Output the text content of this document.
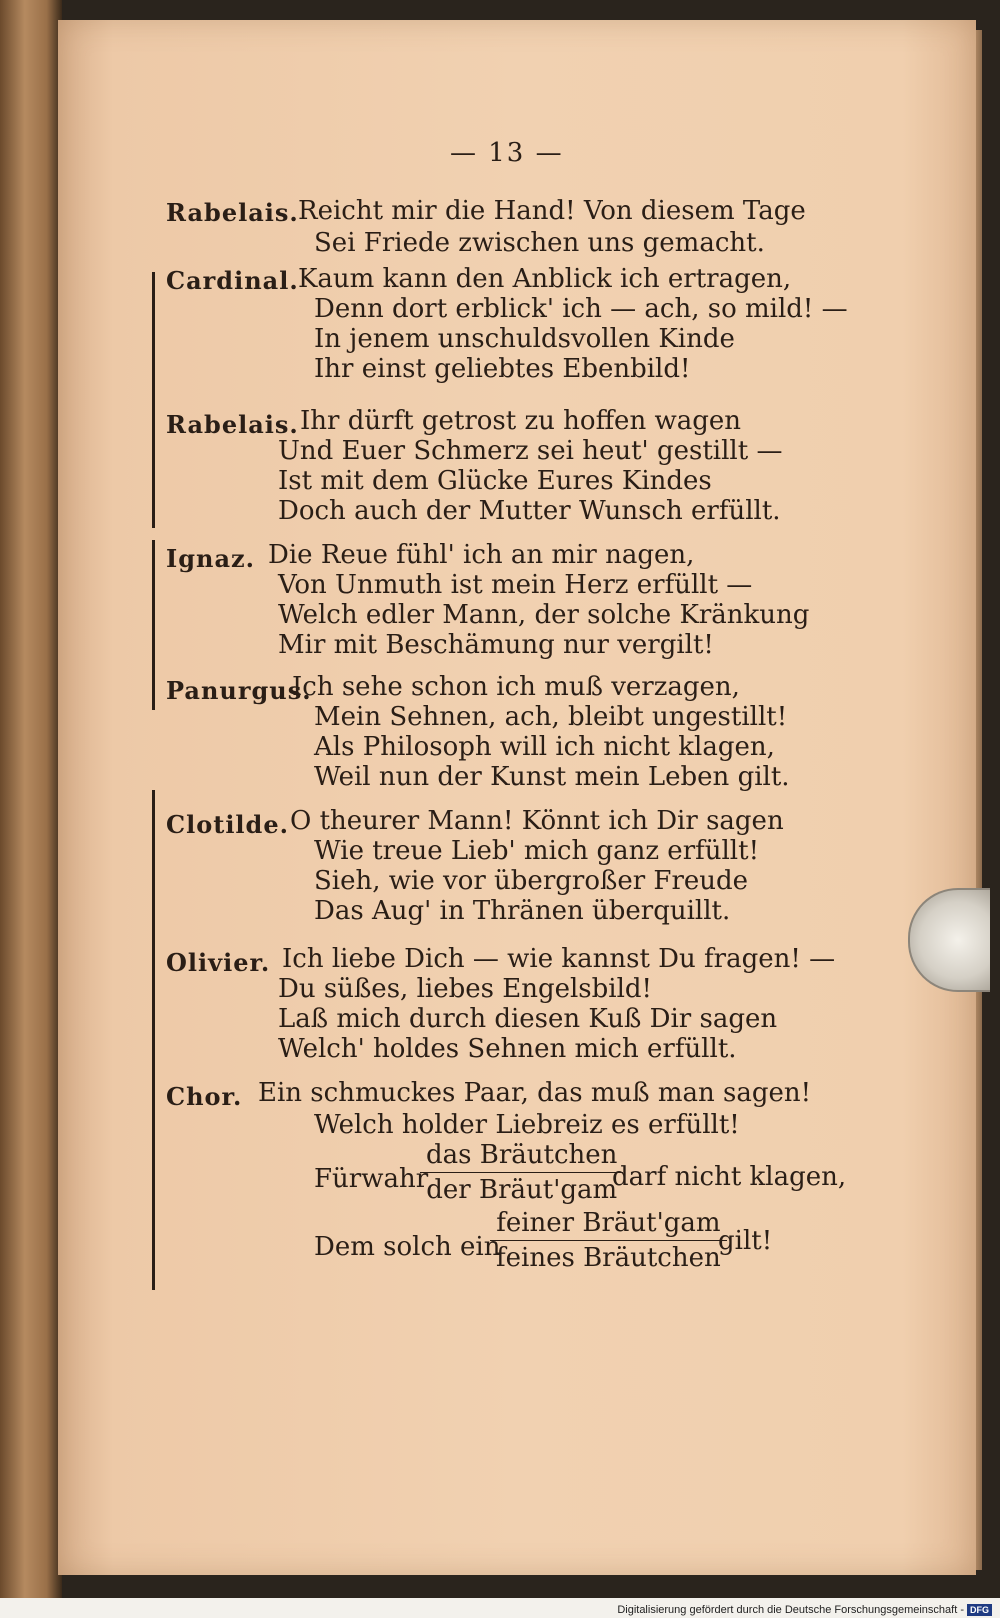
— 13 —
Rabelais. Reicht mir die Hand! Von diesem Tage
Sei Friede zwischen uns gemacht.
Cardinal. Kaum kann den Anblick ich ertragen,
Denn dort erblick' ich — ach, so mild! —
In jenem unschuldsvollen Kinde
Ihr einst geliebtes Ebenbild!
Rabelais. Ihr dürft getrost zu hoffen wagen
Und Euer Schmerz sei heut' gestillt —
Ist mit dem Glücke Eures Kindes
Doch auch der Mutter Wunsch erfüllt.
Ignaz. Die Reue fühl' ich an mir nagen,
Von Unmuth ist mein Herz erfüllt —
Welch edler Mann, der solche Kränkung
Mir mit Beschämung nur vergilt!
Panurgus.
Ich sehe schon ich muß verzagen,
Mein Sehnen, ach, bleibt ungestillt!
Als Philosoph will ich nicht klagen,
Weil nun der Kunst mein Leben gilt.
Clotilde. O theurer Mann! Könnt ich Dir sagen
Wie treue Lieb' mich ganz erfüllt!
Sieh, wie vor übergroßer Freude
Das Aug' in Thränen überquillt.
Olivier. Ich liebe Dich — wie kannst Du fragen! —
Du süßes, liebes Engelsbild!
Laß mich durch diesen Kuß Dir sagen
Welch' holdes Sehnen mich erfüllt.
Chor. Ein schmuckes Paar, das muß man sagen!
Welch holder Liebreiz es erfüllt!
Fürwahr
das Bräutchen
der Bräut'gam
darf nicht klagen,
Dem solch ein
feiner Bräut'gam
feines Bräutchen
gilt!
Digitalisierung gefördert durch die Deutsche Forschungsgemeinschaft - DFG
